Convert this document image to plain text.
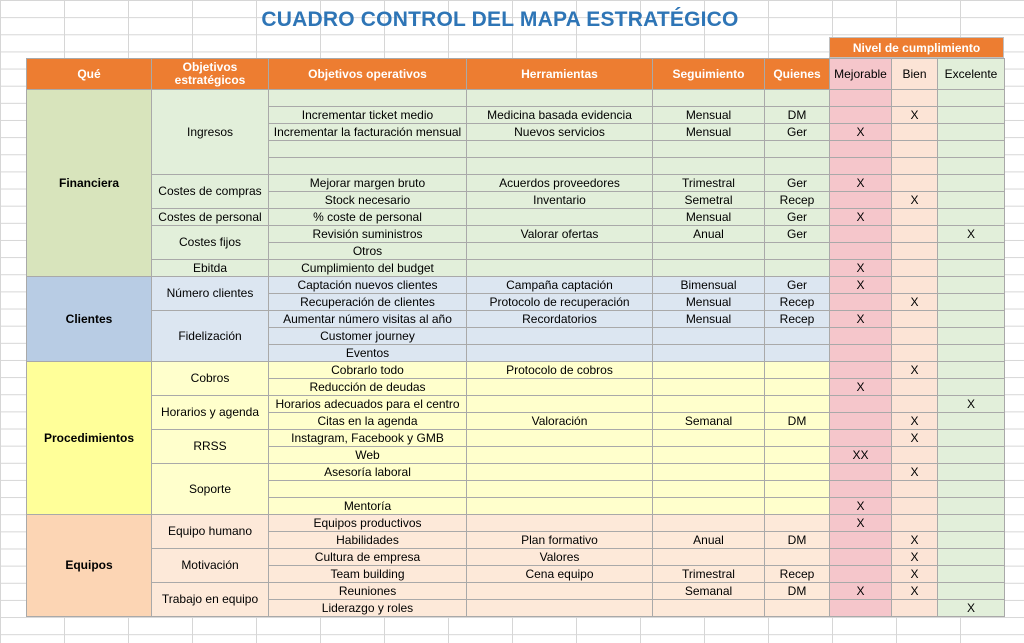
CUADRO CONTROL DEL MAPA ESTRATÉGICO
Nivel de cumplimiento
Qué	Objetivos estratégicos	Objetivos operativos	Herramientas	Seguimiento	Quienes	Mejorable	Bien	Excelente
Financiera	Ingresos							
		Incrementar ticket medio	Medicina basada evidencia	Mensual	DM		X	
		Incrementar la facturación mensual	Nuevos servicios	Mensual	Ger	X		

	Costes de compras	Mejorar margen bruto	Acuerdos proveedores	Trimestral	Ger	X		
		Stock necesario	Inventario	Semetral	Recep		X	
	Costes de personal	% coste de personal		Mensual	Ger	X		
	Costes fijos	Revisión suministros	Valorar ofertas	Anual	Ger			X
		Otros						
	Ebitda	Cumplimiento del budget				X		
Clientes	Número clientes	Captación nuevos clientes	Campaña captación	Bimensual	Ger	X		
		Recuperación de clientes	Protocolo de recuperación	Mensual	Recep		X	
	Fidelización	Aumentar número visitas al año	Recordatorios	Mensual	Recep	X		
		Customer journey						
		Eventos						
Procedimientos	Cobros	Cobrarlo todo	Protocolo de cobros				X	
		Reducción de deudas				X		
	Horarios y agenda	Horarios adecuados para el centro						X
		Citas en la agenda	Valoración	Semanal	DM		X	
	RRSS	Instagram, Facebook y GMB					X	
		Web				XX		
	Soporte	Asesoría laboral					X	

		Mentoría				X		
Equipos	Equipo humano	Equipos productivos				X		
		Habilidades	Plan formativo	Anual	DM		X	
	Motivación	Cultura de empresa	Valores				X	
		Team building	Cena equipo	Trimestral	Recep		X	
	Trabajo en equipo	Reuniones		Semanal	DM	X	X	
		Liderazgo y roles						X
